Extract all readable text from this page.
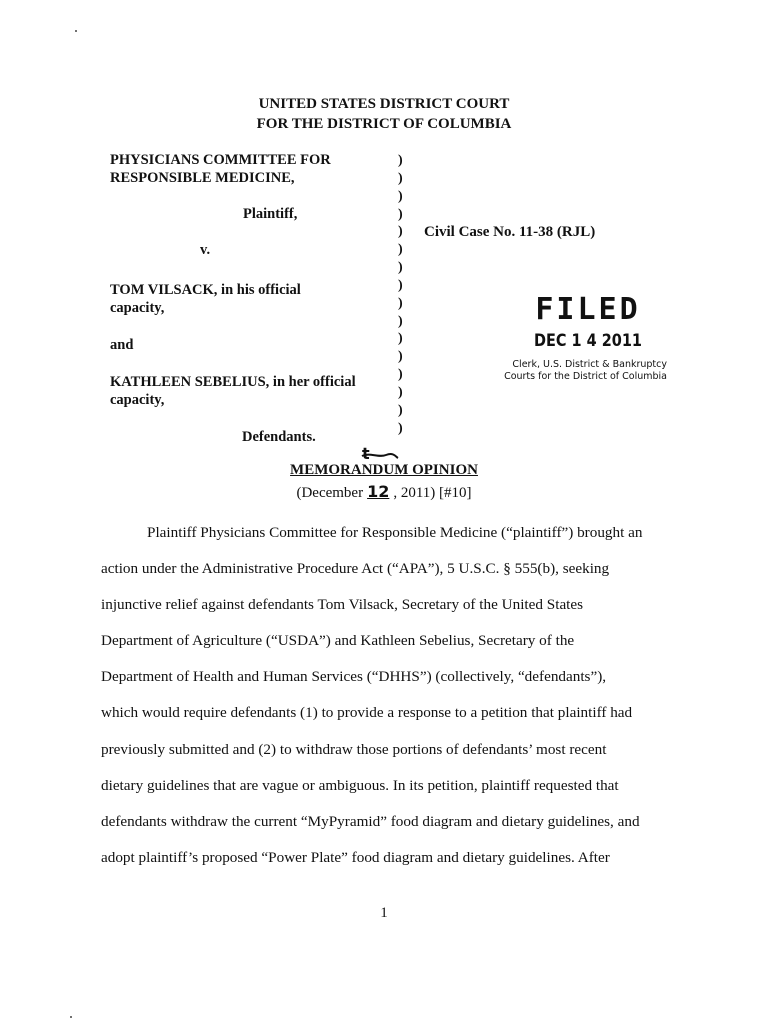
UNITED STATES DISTRICT COURT
FOR THE DISTRICT OF COLUMBIA
PHYSICIANS COMMITTEE FOR
RESPONSIBLE MEDICINE,
Plaintiff,
v.
TOM VILSACK, in his official
capacity,
and
KATHLEEN SEBELIUS, in her official
capacity,
Defendants.
)
)
)
)
)
)
)
)
)
)
)
)
)
)
)
)
Civil Case No. 11-38 (RJL)
FILED
DEC 1 4 2011
Clerk, U.S. District & Bankruptcy
Courts for the District of Columbia
t
MEMORANDUM OPINION
(December 12 , 2011) [#10]
Plaintiff Physicians Committee for Responsible Medicine (“plaintiff”) brought an
action under the Administrative Procedure Act (“APA”), 5 U.S.C. § 555(b), seeking
injunctive relief against defendants Tom Vilsack, Secretary of the United States
Department of Agriculture (“USDA”) and Kathleen Sebelius, Secretary of the
Department of Health and Human Services (“DHHS”) (collectively, “defendants”),
which would require defendants (1) to provide a response to a petition that plaintiff had
previously submitted and (2) to withdraw those portions of defendants’ most recent
dietary guidelines that are vague or ambiguous. In its petition, plaintiff requested that
defendants withdraw the current “MyPyramid” food diagram and dietary guidelines, and
adopt plaintiff’s proposed “Power Plate” food diagram and dietary guidelines. After
1
